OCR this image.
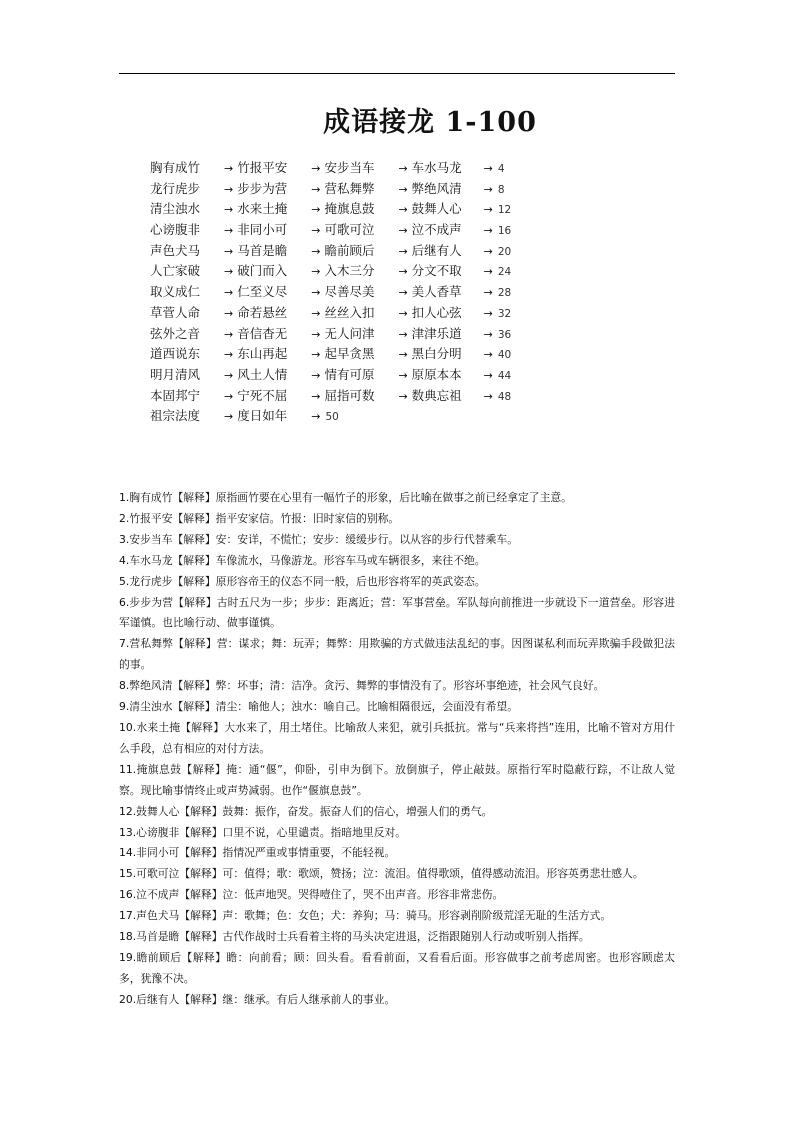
成语接龙 1-100
胸有成竹 → 竹报平安 → 安步当车 → 车水马龙 → 4
龙行虎步 → 步步为营 → 营私舞弊 → 弊绝风清 → 8
清尘浊水 → 水来土掩 → 掩旗息鼓 → 鼓舞人心 → 12
心谤腹非 → 非同小可 → 可歌可泣 → 泣不成声 → 16
声色犬马 → 马首是瞻 → 瞻前顾后 → 后继有人 → 20
人亡家破 → 破门而入 → 入木三分 → 分文不取 → 24
取义成仁 → 仁至义尽 → 尽善尽美 → 美人香草 → 28
草菅人命 → 命若悬丝 → 丝丝入扣 → 扣人心弦 → 32
弦外之音 → 音信杳无 → 无人问津 → 津津乐道 → 36
道西说东 → 东山再起 → 起早贪黑 → 黑白分明 → 40
明月清风 → 风土人情 → 情有可原 → 原原本本 → 44
本固邦宁 → 宁死不屈 → 屈指可数 → 数典忘祖 → 48
祖宗法度 → 度日如年 → 50

1.胸有成竹【解释】原指画竹要在心里有一幅竹子的形象，后比喻在做事之前已经拿定了主意。

2.竹报平安【解释】指平安家信。竹报：旧时家信的别称。

3.安步当车【解释】安：安详，不慌忙；安步：缓缓步行。以从容的步行代替乘车。

4.车水马龙【解释】车像流水，马像游龙。形容车马或车辆很多，来往不绝。

5.龙行虎步【解释】原形容帝王的仪态不同一般，后也形容将军的英武姿态。

6.步步为营【解释】古时五尺为一步；步步：距离近；营：军事营垒。军队每向前推进一步就设下一道营垒。形容进军谨慎。也比喻行动、做事谨慎。

7.营私舞弊【解释】营：谋求；舞：玩弄；舞弊：用欺骗的方式做违法乱纪的事。因图谋私利而玩弄欺骗手段做犯法的事。

8.弊绝风清【解释】弊：坏事；清：洁净。贪污、舞弊的事情没有了。形容坏事绝迹，社会风气良好。

9.清尘浊水【解释】清尘：喻他人；浊水：喻自己。比喻相隔很远，会面没有希望。

10.水来土掩【解释】大水来了，用土堵住。比喻敌人来犯，就引兵抵抗。常与“兵来将挡”连用，比喻不管对方用什么手段，总有相应的对付方法。

11.掩旗息鼓【解释】掩：通“偃”，仰卧，引申为倒下。放倒旗子，停止敲鼓。原指行军时隐蔽行踪，不让敌人觉察。现比喻事情终止或声势减弱。也作“偃旗息鼓”。

12.鼓舞人心【解释】鼓舞：振作，奋发。振奋人们的信心，增强人们的勇气。

13.心谤腹非【解释】口里不说，心里谴责。指暗地里反对。

14.非同小可【解释】指情况严重或事情重要，不能轻视。

15.可歌可泣【解释】可：值得；歌：歌颂，赞扬；泣：流泪。值得歌颂，值得感动流泪。形容英勇悲壮感人。

16.泣不成声【解释】泣：低声地哭。哭得噎住了，哭不出声音。形容非常悲伤。

17.声色犬马【解释】声：歌舞；色：女色；犬：养狗；马：骑马。形容剥削阶级荒淫无耻的生活方式。

18.马首是瞻【解释】古代作战时士兵看着主将的马头决定进退，泛指跟随别人行动或听别人指挥。

19.瞻前顾后【解释】瞻：向前看；顾：回头看。看看前面，又看看后面。形容做事之前考虑周密。也形容顾虑太多，犹豫不决。

20.后继有人【解释】继：继承。有后人继承前人的事业。
